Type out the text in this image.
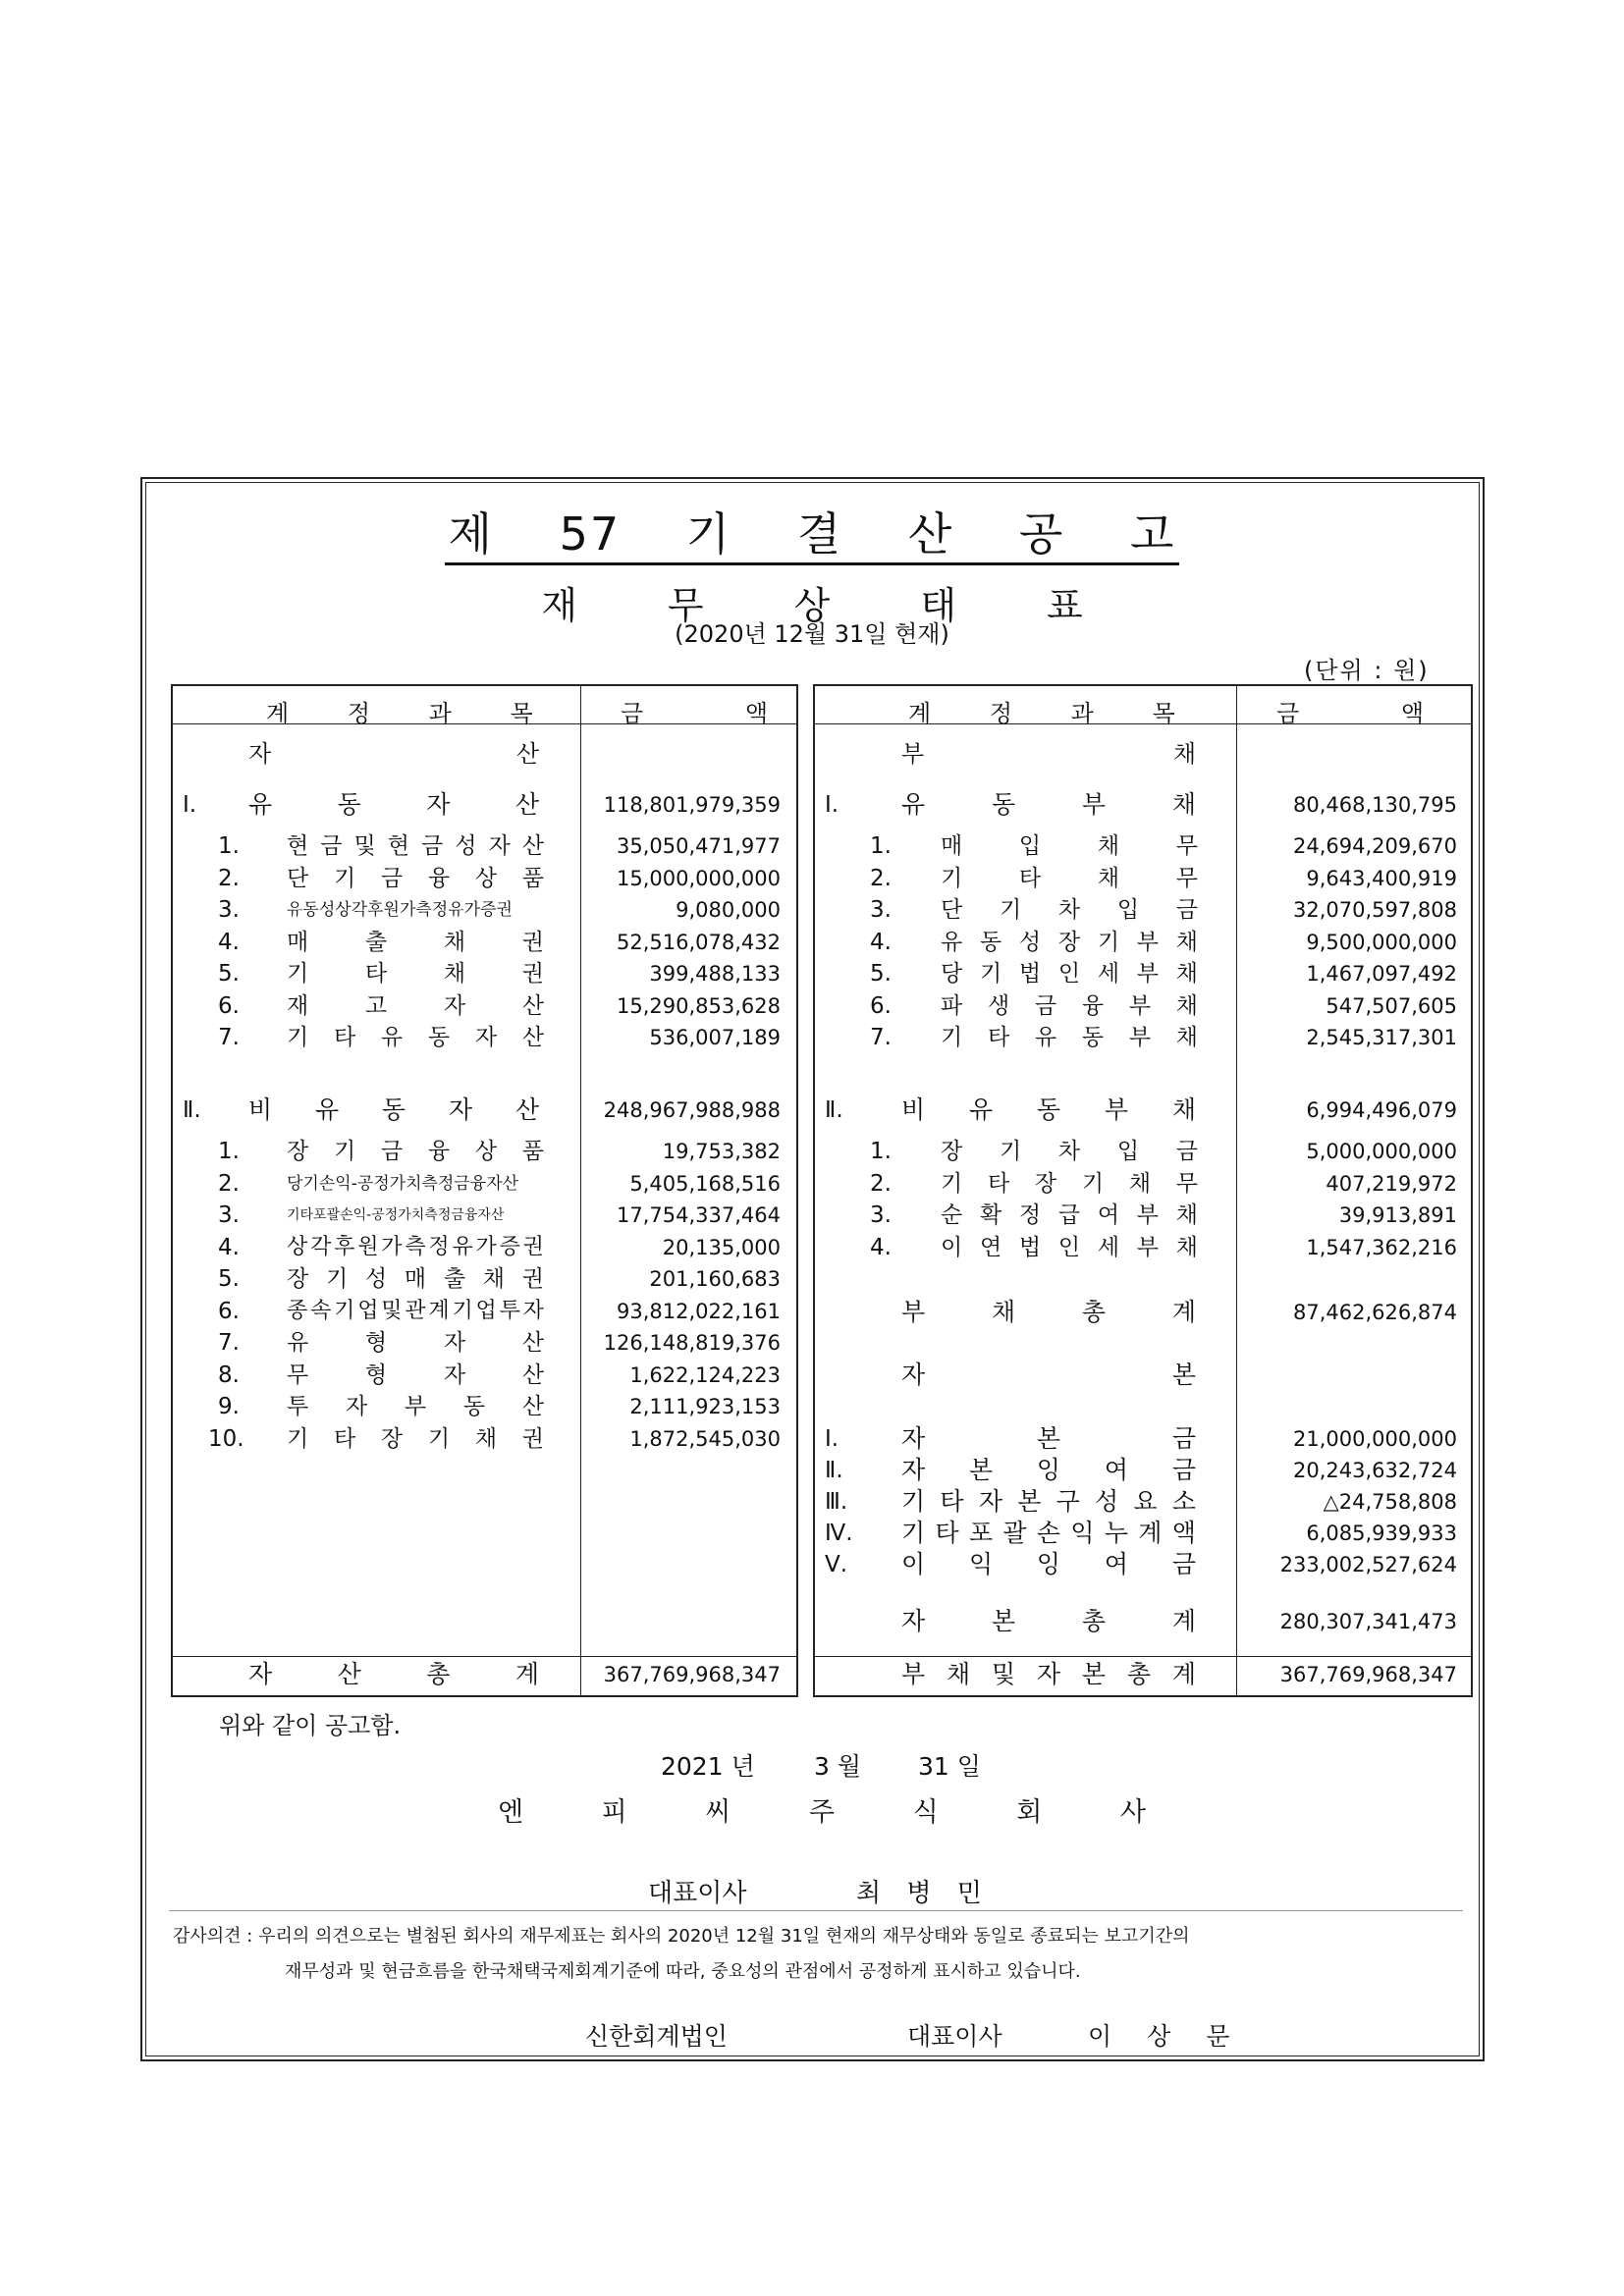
제 57 기 결 산 공 고
재무상태표
(2020년 12월 31일 현재)
(단위 : 원)
계 정 과 목	금 액	계 정 과 목	금 액
자	산
Ⅰ. 유	동	자	산	118,801,979,359
1. 현 금 및 현 금 성 자 산	35,050,471,977
2. 단 기 금 융 상 품	15,000,000,000
3.	유동성상각후원가측정유가증권	9,080,000
4. 매	출	채	권	52,516,078,432
5. 기	타	채	권	399,488,133
6. 재	고	자	산	15,290,853,628
7. 기 타 유 동 자 산	536,007,189
Ⅱ. 비 유 동 자 산	248,967,988,988
1. 장 기 금 융 상 품	19,753,382
2.	당기손익-공정가치측정금융자산	5,405,168,516
3.	기타포괄손익-공정가치측정금융자산	17,754,337,464
4. 상 각 후 원 가 측 정 유 가 증 권	20,135,000
5. 장 기 성 매 출 채 권	201,160,683
6. 종 속 기 업 및 관 계 기 업 투 자	93,812,022,161
7. 유	형	자	산	126,148,819,376
8. 무	형	자	산	1,622,124,223
9. 투 자 부 동 산	2,111,923,153
10. 기 타 장 기 채 권	1,872,545,030
자	산	총	계	367,769,968,347
부	채
Ⅰ.	유	동	부	채	80,468,130,795
1. 매	입	채	무	24,694,209,670
2. 기	타	채	무	9,643,400,919
3. 단 기 차 입 금	32,070,597,808
4. 유 동 성 장 기 부 채	9,500,000,000
5. 당 기 법 인 세 부 채	1,467,097,492
6. 파 생 금 융 부 채	547,507,605
7. 기 타 유 동 부 채	2,545,317,301
Ⅱ. 비 유 동 부 채	6,994,496,079
1. 장 기 차 입 금	5,000,000,000
2. 기 타 장 기 채 무	407,219,972
3. 순 확 정 급 여 부 채	39,913,891
4. 이 연 법 인 세 부 채	1,547,362,216
부	채	총	계	87,462,626,874
자	본
Ⅰ.	자	본	금	21,000,000,000
Ⅱ. 자 본 잉 여 금	20,243,632,724
Ⅲ. 기 타 자 본 구 성 요 소	△24,758,808
Ⅳ. 기 타 포 괄 손 익 누 계 액	6,085,939,933
Ⅴ. 이 익 잉 여 금	233,002,527,624
자	본	총	계	280,307,341,473
부 채 및 자 본 총 계	367,769,968,347
위와 같이 공고함.
2021 년 3 월 31 일
엔	피	씨	주	식	회	사
대표이사	최 병 민
감사의견 : 우리의 의견으로는 별첨된 회사의 재무제표는 회사의 2020년 12월 31일 현재의 재무상태와 동일로 종료되는 보고기간의
재무성과 및 현금흐름을 한국채택국제회계기준에 따라, 중요성의 관점에서 공정하게 표시하고 있습니다.
신한회계법인	대표이사	이 상 문
